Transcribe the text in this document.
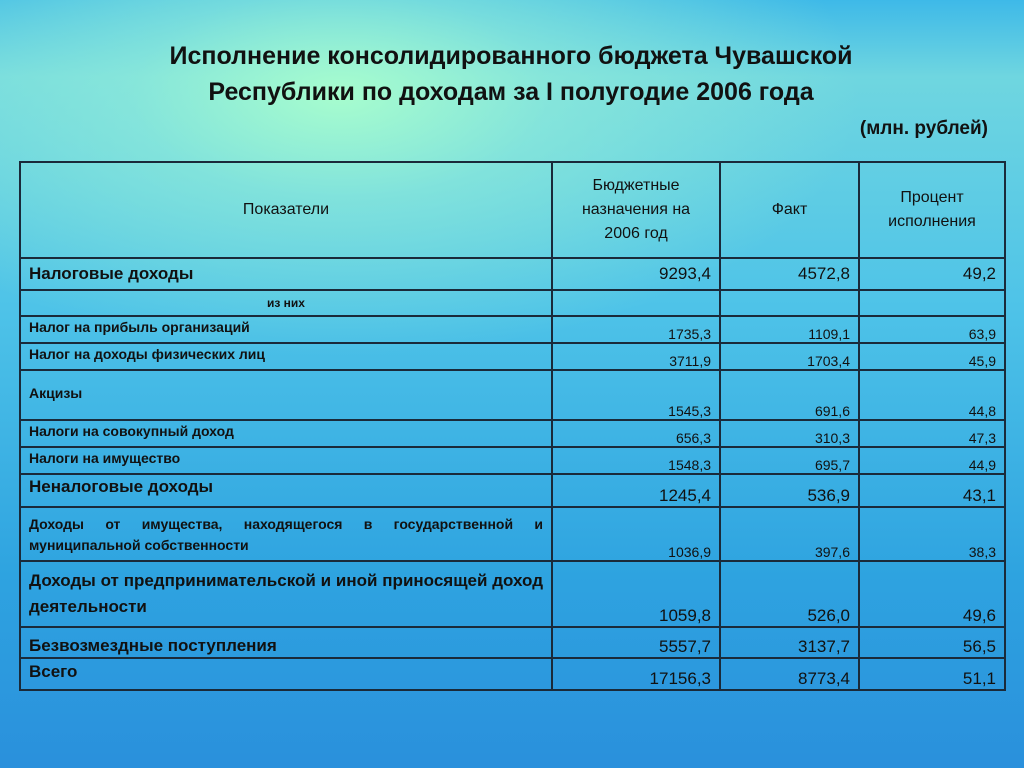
Исполнение консолидированного бюджета Чувашской
Республики по доходам за I полугодие 2006 года
(млн. рублей)
Показатели	Бюджетные назначения на 2006 год	Факт	Процент исполнения
Налоговые доходы	9293,4	4572,8	49,2
из них			
Налог на прибыль организаций	1735,3	1109,1	63,9
Налог на доходы физических лиц	3711,9	1703,4	45,9
Акцизы	1545,3	691,6	44,8
Налоги на совокупный доход	656,3	310,3	47,3
Налоги на имущество	1548,3	695,7	44,9
Неналоговые доходы	1245,4	536,9	43,1
Доходы от имущества, находящегося в государственной и муниципальной собственности	1036,9	397,6	38,3
Доходы от предпринимательской и иной приносящей доход деятельности	1059,8	526,0	49,6
Безвозмездные поступления	5557,7	3137,7	56,5
Всего	17156,3	8773,4	51,1
